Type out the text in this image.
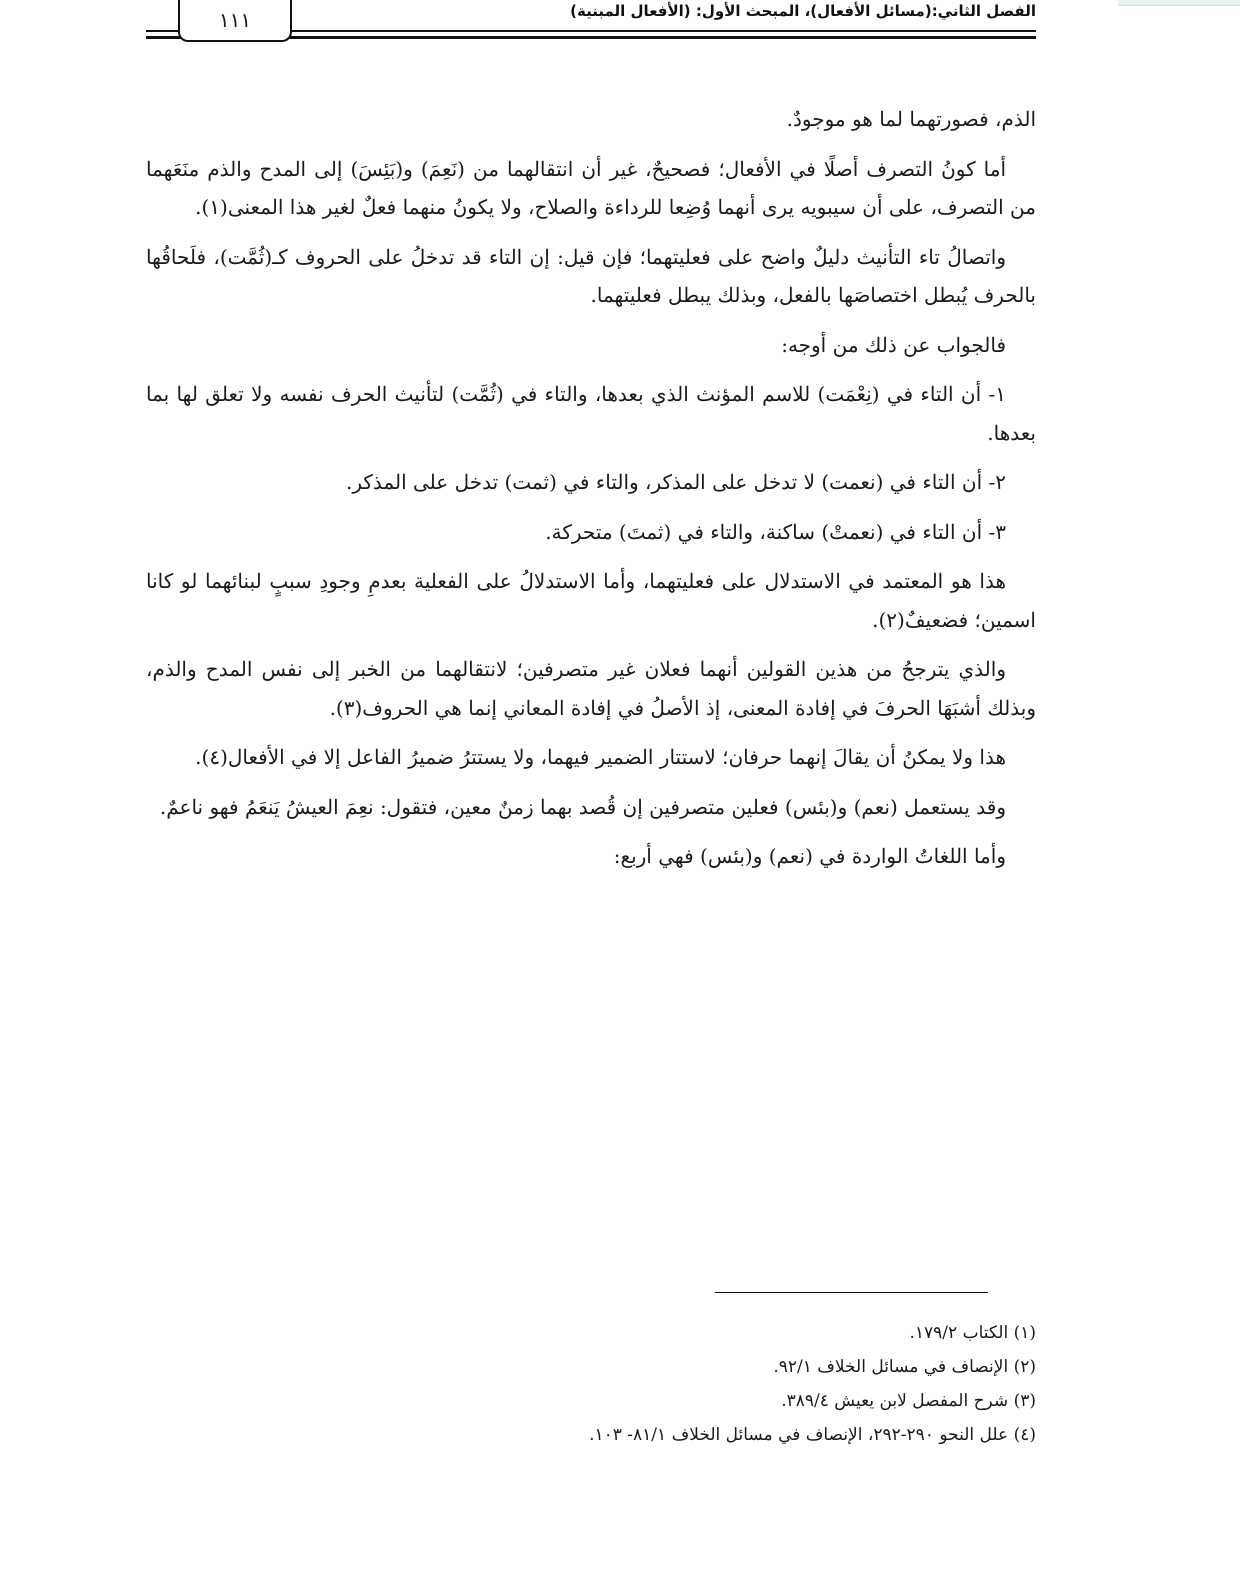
الفصل الثاني:(مسائل الأفعال)، المبحث الأول: (الأفعال المبنية)
١١١

الذم، فصورتهما لما هو موجودٌ.

أما كونُ التصرف أصلًا في الأفعال؛ فصحيحٌ، غير أن انتقالهما من (نَعِمَ) و(بَئِسَ) إلى المدح والذم منَعَهما من التصرف، على أن سيبويه يرى أنهما وُضِعا للرداءة والصلاح، ولا يكونُ منهما فعلٌ لغير هذا المعنى(١).

واتصالُ تاء التأنيث دليلٌ واضح على فعليتهما؛ فإن قيل: إن التاء قد تدخلُ على الحروف كـ(ثُمَّت)، فلَحاقُها بالحرف يُبطل اختصاصَها بالفعل، وبذلك يبطل فعليتهما.

فالجواب عن ذلك من أوجه:

١- أن التاء في (نِعْمَت) للاسم المؤنث الذي بعدها، والتاء في (ثُمَّت) لتأنيث الحرف نفسه ولا تعلق لها بما بعدها.

٢- أن التاء في (نعمت) لا تدخل على المذكر، والتاء في (ثمت) تدخل على المذكر.

٣- أن التاء في (نعمتْ) ساكنة، والتاء في (ثمتَ) متحركة.

هذا هو المعتمد في الاستدلال على فعليتهما، وأما الاستدلالُ على الفعلية بعدمِ وجودِ سببٍ لبنائهما لو كانا اسمين؛ فضعيفٌ(٢).

والذي يترجحُ من هذين القولين أنهما فعلان غير متصرفين؛ لانتقالهما من الخبر إلى نفس المدح والذم، وبذلك أشبَهَا الحرفَ في إفادة المعنى، إذ الأصلُ في إفادة المعاني إنما هي الحروف(٣).

هذا ولا يمكنُ أن يقالَ إنهما حرفان؛ لاستتار الضمير فيهما، ولا يستترُ ضميرُ الفاعل إلا في الأفعال(٤).

وقد يستعمل (نعم) و(بئس) فعلين متصرفين إن قُصد بهما زمنٌ معين، فتقول: نعِمَ العيشُ يَنعَمُ فهو ناعمٌ.

وأما اللغاتُ الواردة في (نعم) و(بئس) فهي أربع:

(١) الكتاب ١٧٩/٢.
(٢) الإنصاف في مسائل الخلاف ٩٢/١.
(٣) شرح المفصل لابن يعيش ٣٨٩/٤.
(٤) علل النحو ٢٩٠-٢٩٢، الإنصاف في مسائل الخلاف ٨١/١- ١٠٣.
